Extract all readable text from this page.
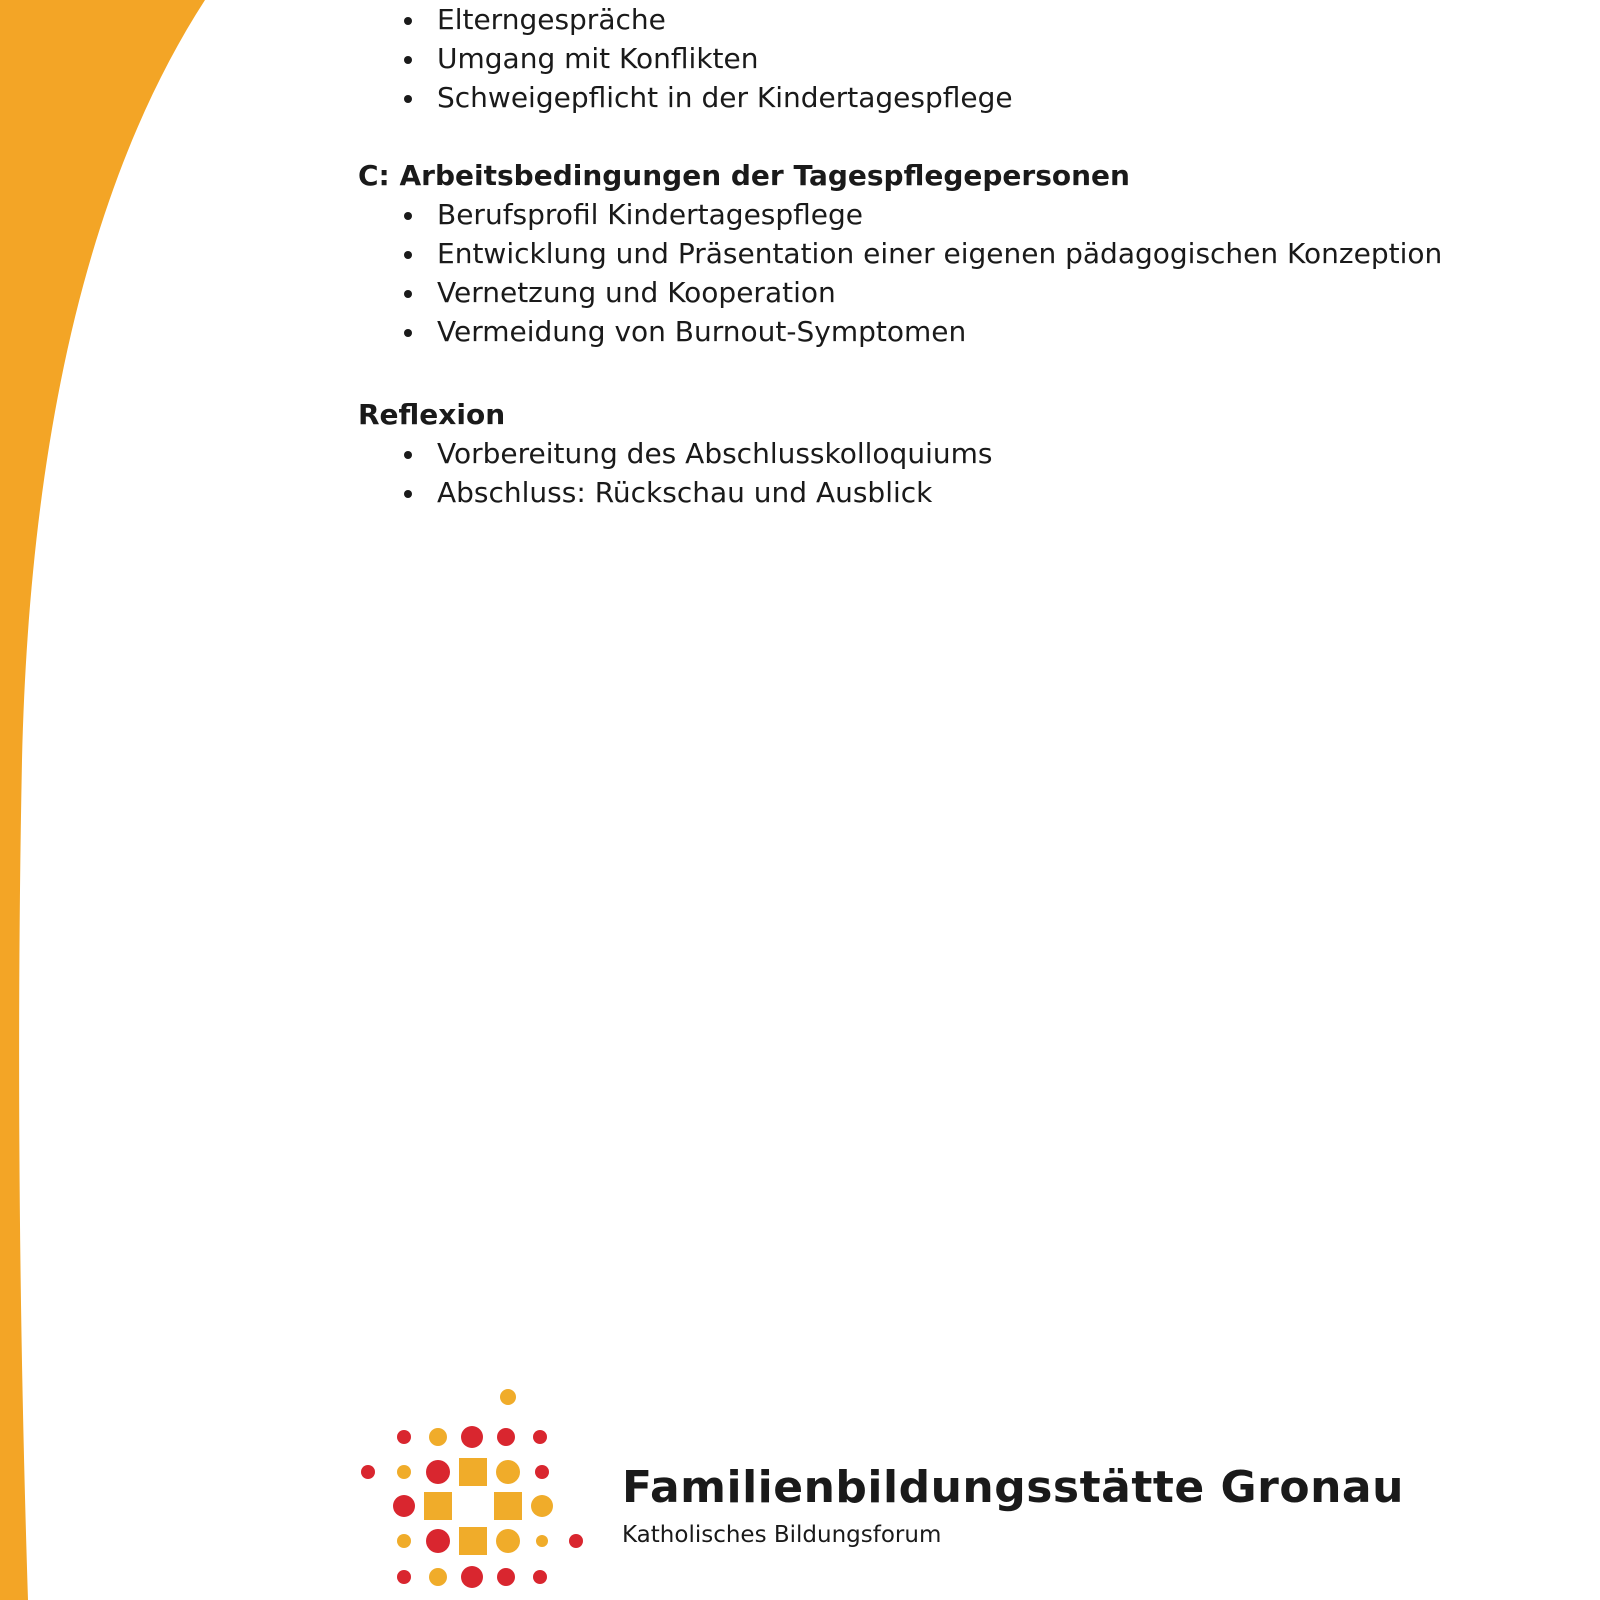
emen
Elterngespräche
Umgang mit Konflikten
Schweigepflicht in der Kindertagespflege
C: Arbeitsbedingungen der Tagespflegepersonen
Berufsprofil Kindertagespflege
Entwicklung und Präsentation einer eigenen pädagogischen Konzeption
Vernetzung und Kooperation
Vermeidung von Burnout-Symptomen
Reflexion
Vorbereitung des Abschlusskolloquiums
Abschluss: Rückschau und Ausblick
Familienbildungsstätte Gronau
Katholisches Bildungsforum
